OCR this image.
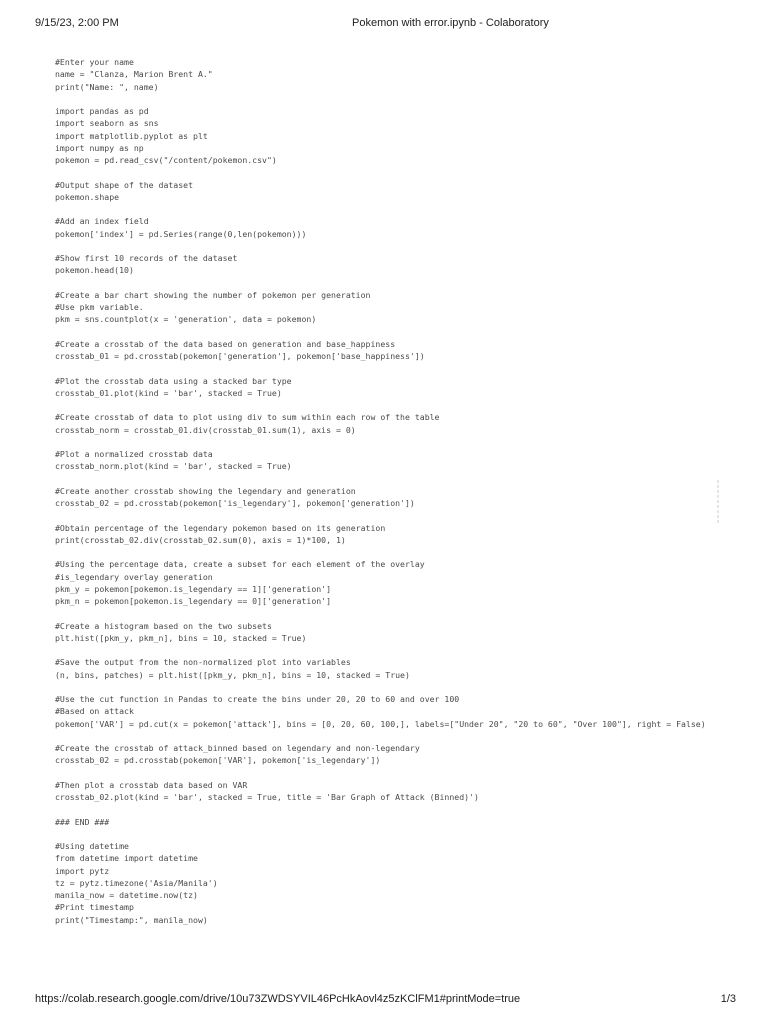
9/15/23, 2:00 PM	Pokemon with error.ipynb - Colaboratory
#Enter your name
name = "Clanza, Marion Brent A."
print("Name: ", name)
import pandas as pd
import seaborn as sns
import matplotlib.pyplot as plt
import numpy as np
pokemon = pd.read_csv("/content/pokemon.csv")
#Output shape of the dataset
pokemon.shape
#Add an index field
pokemon['index'] = pd.Series(range(0,len(pokemon)))
#Show first 10 records of the dataset
pokemon.head(10)
#Create a bar chart showing the number of pokemon per generation
#Use pkm variable.
pkm = sns.countplot(x = 'generation', data = pokemon)
#Create a crosstab of the data based on generation and base_happiness
crosstab_01 = pd.crosstab(pokemon['generation'], pokemon['base_happiness'])
#Plot the crosstab data using a stacked bar type
crosstab_01.plot(kind = 'bar', stacked = True)
#Create crosstab of data to plot using div to sum within each row of the table
crosstab_norm = crosstab_01.div(crosstab_01.sum(1), axis = 0)
#Plot a normalized crosstab data
crosstab_norm.plot(kind = 'bar', stacked = True)
#Create another crosstab showing the legendary and generation
crosstab_02 = pd.crosstab(pokemon['is_legendary'], pokemon['generation'])
#Obtain percentage of the legendary pokemon based on its generation
print(crosstab_02.div(crosstab_02.sum(0), axis = 1)*100, 1)
#Using the percentage data, create a subset for each element of the overlay
#is_legendary overlay generation
pkm_y = pokemon[pokemon.is_legendary == 1]['generation']
pkm_n = pokemon[pokemon.is_legendary == 0]['generation']
#Create a histogram based on the two subsets
plt.hist([pkm_y, pkm_n], bins = 10, stacked = True)
#Save the output from the non-normalized plot into variables
(n, bins, patches) = plt.hist([pkm_y, pkm_n], bins = 10, stacked = True)
#Use the cut function in Pandas to create the bins under 20, 20 to 60 and over 100
#Based on attack
pokemon['VAR'] = pd.cut(x = pokemon['attack'], bins = [0, 20, 60, 100,], labels=["Under 20", "20 to 60", "Over 100"], right = False)
#Create the crosstab of attack_binned based on legendary and non-legendary
crosstab_02 = pd.crosstab(pokemon['VAR'], pokemon['is_legendary'])
#Then plot a crosstab data based on VAR
crosstab_02.plot(kind = 'bar', stacked = True, title = 'Bar Graph of Attack (Binned)')
### END ###
#Using datetime
from datetime import datetime
import pytz
tz = pytz.timezone('Asia/Manila')
manila_now = datetime.now(tz)
#Print timestamp
print("Timestamp:", manila_now)
https://colab.research.google.com/drive/10u73ZWDSYVIL46PcHkAovl4z5zKClFM1#printMode=true	1/3
